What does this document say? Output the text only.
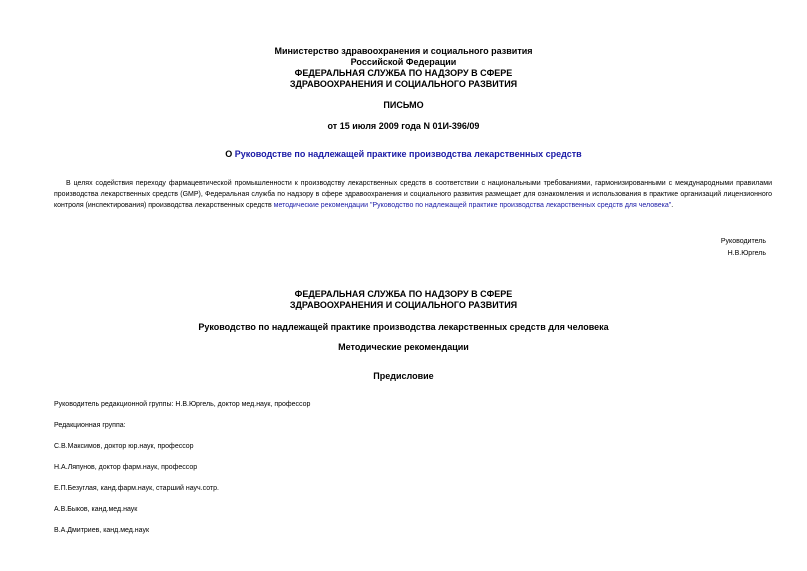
Министерство здравоохранения и социального развития
Российской Федерации
ФЕДЕРАЛЬНАЯ СЛУЖБА ПО НАДЗОРУ В СФЕРЕ
ЗДРАВООХРАНЕНИЯ И СОЦИАЛЬНОГО РАЗВИТИЯ
ПИСЬМО
от 15 июля 2009 года N 01И-396/09
О Руководстве по надлежащей практике производства лекарственных средств
В целях содействия переходу фармацевтической промышленности к производству лекарственных средств в соответствии с национальными требованиями, гармонизированными с международными правилами производства лекарственных средств (GMP), Федеральная служба по надзору в сфере здравоохранения и социального развития размещает для ознакомления и использования в практике организаций лицензионного контроля (инспектирования) производства лекарственных средств методические рекомендации "Руководство по надлежащей практике производства лекарственных средств для человека".
Руководитель
Н.В.Юргель
ФЕДЕРАЛЬНАЯ СЛУЖБА ПО НАДЗОРУ В СФЕРЕ
ЗДРАВООХРАНЕНИЯ И СОЦИАЛЬНОГО РАЗВИТИЯ
Руководство по надлежащей практике производства лекарственных средств для человека
Методические рекомендации
Предисловие
Руководитель редакционной группы: Н.В.Юргель, доктор мед.наук, профессор
Редакционная группа:
С.В.Максимов, доктор юр.наук, профессор
Н.А.Ляпунов, доктор фарм.наук, профессор
Е.П.Безуглая, канд.фарм.наук, старший науч.сотр.
А.В.Быков, канд.мед.наук
В.А.Дмитриев, канд.мед.наук
